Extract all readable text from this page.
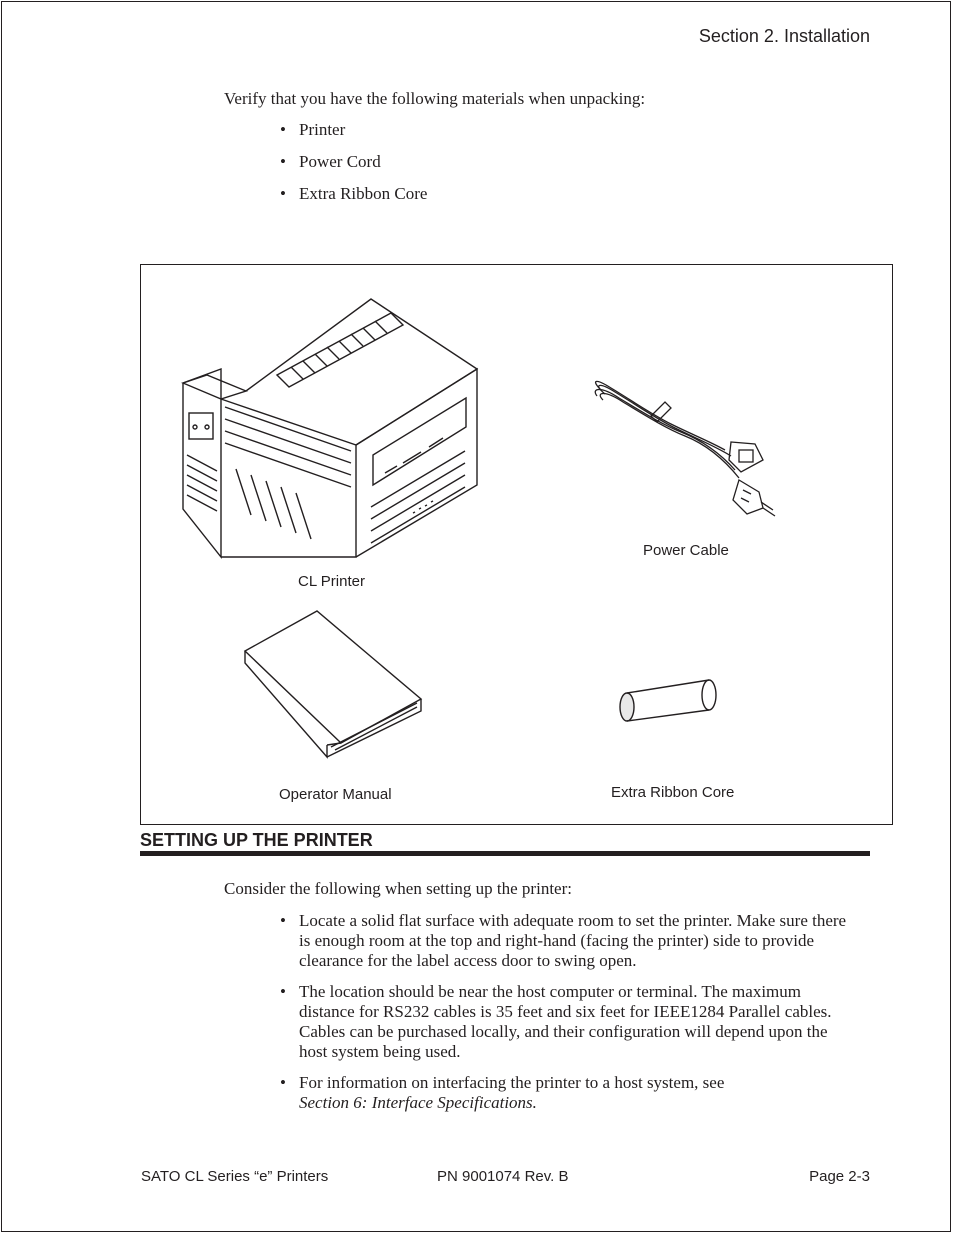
Section 2. Installation
Verify that you have the following materials when unpacking:
• Printer
• Power Cord
• Extra Ribbon Core
CL Printer
Power Cable
Operator Manual	Extra Ribbon Core
SETTING UP THE PRINTER
Consider the following when setting up the printer:
• Locate a solid flat surface with adequate room to set the printer. Make sure there is enough room at the top and right-hand (facing the printer) side to provide clearance for the label access door to swing open.
• The location should be near the host computer or terminal. The maximum distance for RS232 cables is 35 feet and six feet for IEEE1284 Parallel cables. Cables can be purchased locally, and their configuration will depend upon the host system being used.
• For information on interfacing the printer to a host system, see
Section 6: Interface Specifications.
SATO CL Series “e” Printers	PN 9001074 Rev. B	Page 2-3
